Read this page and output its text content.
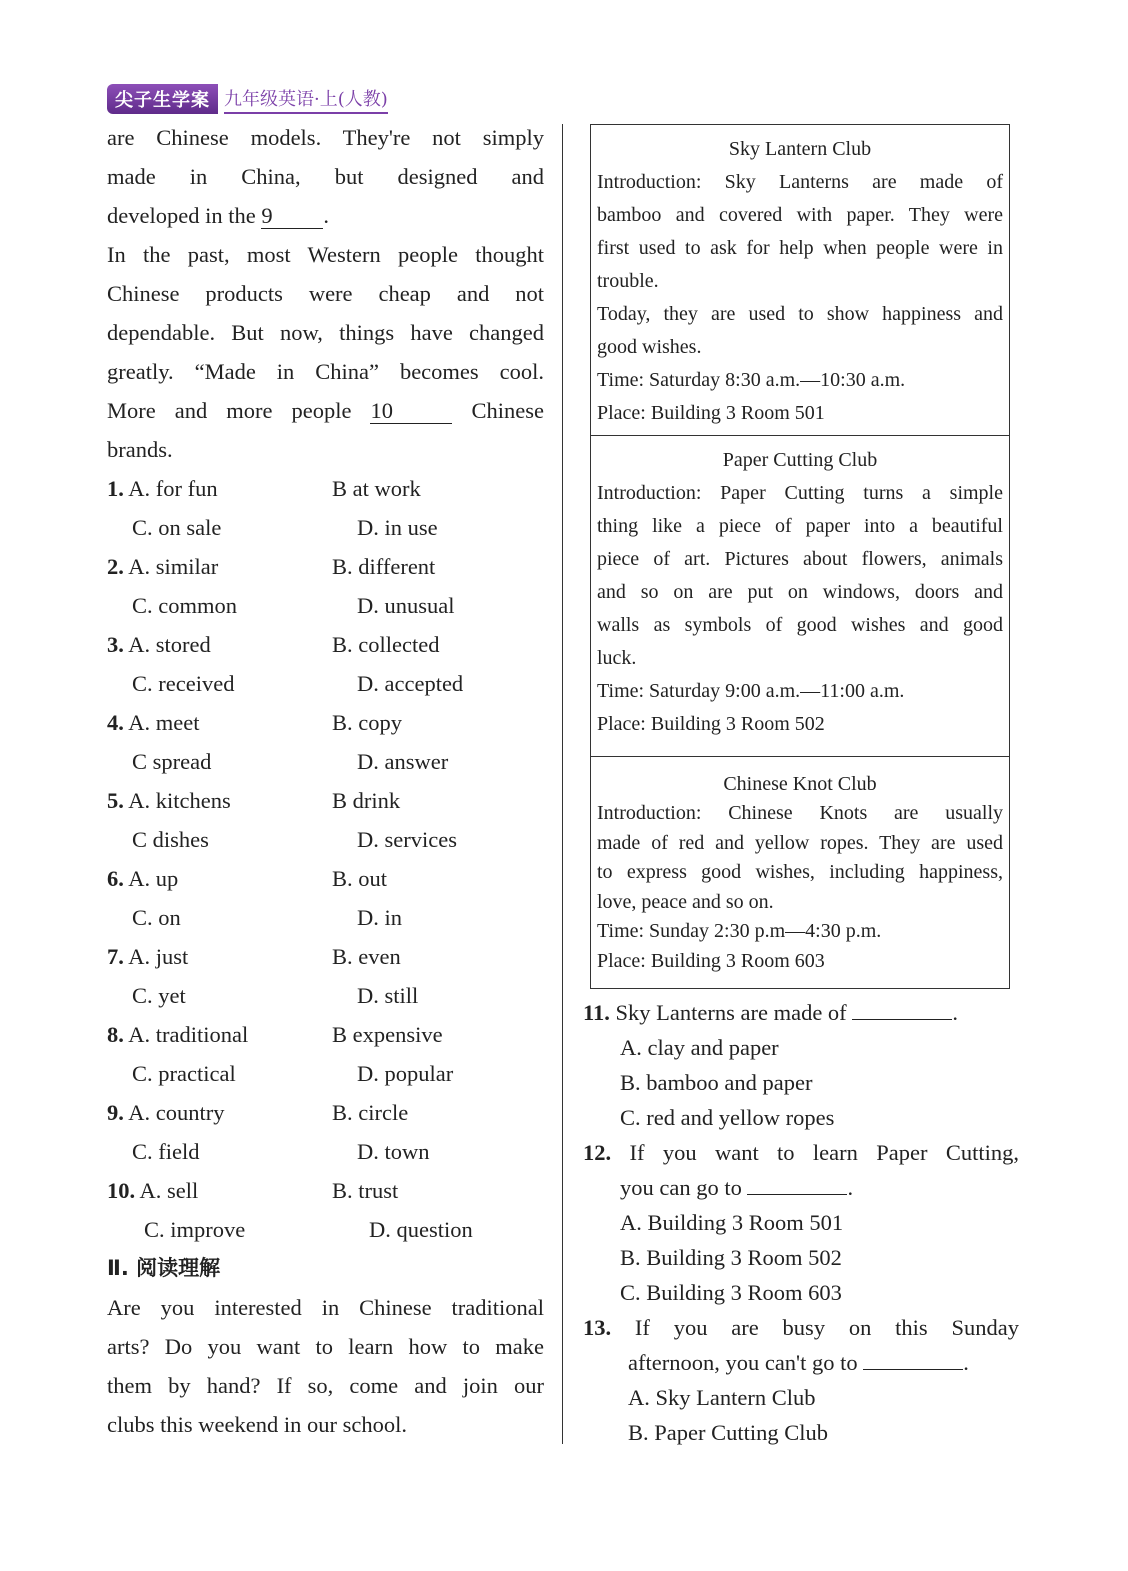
尖子生学案 九年级英语·上(人教)

are Chinese models. They're not simply

made in China, but designed and

developed in the 9 .

In the past, most Western people thought

Chinese products were cheap and not

dependable. But now, things have changed

greatly. “Made in China” becomes cool.

More and more people 10	Chinese

brands.

1. A. for fun	B at work
C. on sale	D. in use
2. A. similar	B. different
C. common	D. unusual
3. A. stored	B. collected
C. received	D. accepted
4. A. meet	B. copy
C spread	D. answer
5. A. kitchens	B drink
C dishes	D. services
6. A. up	B. out
C. on	D. in
7. A. just	B. even
C. yet	D. still
8. A. traditional	B expensive
C. practical	D. popular
9. A. country	B. circle
C. field	D. town
10. A. sell	B. trust
C. improve	D. question
Ⅱ. 阅读理解

Are you interested in Chinese traditional

arts? Do you want to learn how to make

them by hand? If so, come and join our

clubs this weekend in our school.

Sky Lantern Club

Introduction: Sky Lanterns are made of

bamboo and covered with paper. They were

first used to ask for help when people were in

trouble.

Today, they are used to show happiness and

good wishes.

Time: Saturday 8:30 a.m.—10:30 a.m.

Place: Building 3 Room 501

Paper Cutting Club

Introduction: Paper Cutting turns a simple

thing like a piece of paper into a beautiful

piece of art. Pictures about flowers, animals

and so on are put on windows, doors and

walls as symbols of good wishes and good

luck.

Time: Saturday 9:00 a.m.—11:00 a.m.

Place: Building 3 Room 502

Chinese Knot Club

Introduction: Chinese Knots are usually

made of red and yellow ropes. They are used

to express good wishes, including happiness,

love, peace and so on.

Time: Sunday 2:30 p.m—4:30 p.m.

Place: Building 3 Room 603

11. Sky Lanterns are made of	.
A. clay and paper
B. bamboo and paper
C. red and yellow ropes
12. If you want to learn Paper Cutting,
you can go to	.
A. Building 3 Room 501
B. Building 3 Room 502
C. Building 3 Room 603
13. If you are busy on this Sunday
afternoon, you can't go to	.
A. Sky Lantern Club
B. Paper Cutting Club
